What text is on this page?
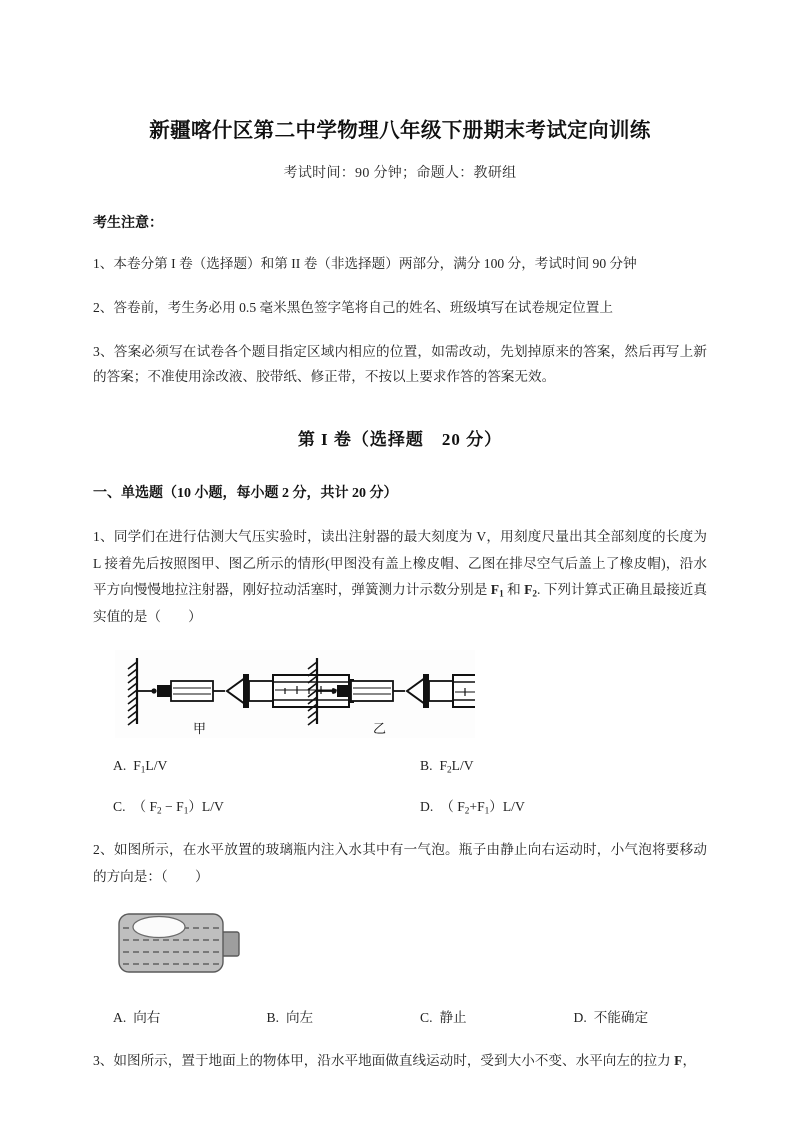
新疆喀什区第二中学物理八年级下册期末考试定向训练
考试时间：90 分钟；命题人：教研组
考生注意：
1、本卷分第 I 卷（选择题）和第 II 卷（非选择题）两部分，满分 100 分，考试时间 90 分钟
2、答卷前，考生务必用 0.5 毫米黑色签字笔将自己的姓名、班级填写在试卷规定位置上
3、答案必须写在试卷各个题目指定区域内相应的位置，如需改动，先划掉原来的答案，然后再写上新的答案；不准使用涂改液、胶带纸、修正带，不按以上要求作答的答案无效。
第 I 卷（选择题　20 分）
一、单选题（10 小题，每小题 2 分，共计 20 分）
1、同学们在进行估测大气压实验时，读出注射器的最大刻度为 V，用刻度尺量出其全部刻度的长度为 L 接着先后按照图甲、图乙所示的情形(甲图没有盖上橡皮帽、乙图在排尽空气后盖上了橡皮帽)，沿水平方向慢慢地拉注射器，刚好拉动活塞时，弹簧测力计示数分别是 $F_1$ 和 $F_2$. 下列计算式正确且最接近真实值的是（　　）
甲	乙
A. $F_1L/V$	B. $F_2L/V$
C. （ $F_2 - F_1)L/V$	D. （ $F_2+F_1)L/V$
2、如图所示，在水平放置的玻璃瓶内注入水其中有一气泡。瓶子由静止向右运动时，小气泡将要移动的方向是：（　　）
A. 向右	B. 向左	C. 静止	D. 不能确定
3、如图所示，置于地面上的物体甲，沿水平地面做直线运动时，受到大小不变、水平向左的拉力 F，
